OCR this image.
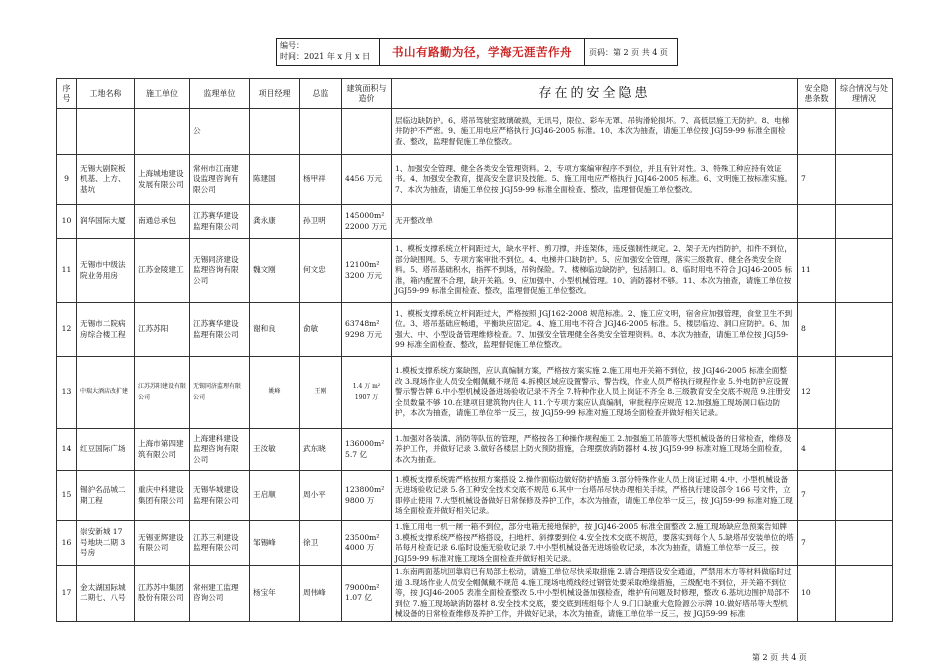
编号：
时间：2021 年 x 月 x 日	书山有路勤为径，学海无涯苦作舟	页码：第 2 页 共 4 页
序号	工地名称	施工单位	监理单位	项目经理	总监	建筑面积与造价	存在的安全隐患	安全隐患条数	综合情况与处理情况
			公				层临边缺防护。6、塔吊驾驶室玻璃破损，无讯号，限位、彩车无罩、吊钩滑轮损坏。7、高低层施工无防护。8、电梯井防护不严密。9、施工用电应严格执行 JGJ46-2005 标准。10、本次为抽查，请施工单位按 JGJ59-99 标准全面检查、整改，监理督促施工单位整改。		
9	无锡大剧院板机基、上方、基坑	上海城地建设发展有限公司	常州市江南建设监理咨询有限公司	陈建国	杨甲祥	4456 万元	1、加强安全管理、健全各类安全管理资料。2、专项方案编审程序不到位，并且有针对性。3、特殊工种应持有效证书。4、加强安全教育，提高安全意识及技能。5、施工用电应严格执行 JGJ46-2005 标准。6、文明施工按标准实施。7、本次为抽查，请施工单位按 JGJ59-99 标准全面检查、整改，监理督促施工单位整改。	7	
10	润华国际大厦	南通总承包	江苏赛华建设监理有限公司	龚永康	孙卫明	145000m²
22000 万元	无开整改单		
11	无锡市中级法院业务用房	江苏金陵建工	无锡同济建设监理咨询有限公司	魏文刚	何文忠	12100m²
3200 万元	1、模板支撑系统立杆间距过大，缺水平杆、剪刀撑，并连架体，违反强制性规定。2、架子无内挡防护，扣件不到位，部分缺围网。5、专项方案审批不到位。4、电梯井口缺防护。5、应加强安全管理，落实三级教育、健全各类安全资料。5、塔吊基础积水，指挥不到场，吊钩保险。7、楼梯临边缺防护，包括洞口。8、临时用电不符合 JGJ46-2005 标准，箱内配置不合理，缺开关箱。9、应加强中、小型机械管理。10、消防器材不够。11、本次为抽查，请施工单位按 JGJ59-99 标准全面检查、整改，监理督促施工单位整改。	11	
12	无锡市二院病房综合楼工程	江苏苏阳	江苏赛华建设监理有限公司	谢和良	俞敏	63748m²
9298 万元	1、模板支撑系统立杆间距过大，严格按照 JGJ162-2008 规范标准。2、施工应文明，宿舍应加强管理，食堂卫生不到位。3、塔吊基础应畅通，平衡块应固定。4、施工用电不符合 JGJ46-2005 标准。5、楼层临边、洞口应防护。6、加强大、中、小型设备管理维修检查。7、加强安全管理健全各类安全管理资料。8、本次为抽查，请施工单位按 JGJ59-99 标准全面检查、整改，监理督促施工单位整改。	8	
13	中瑞大酒店改扩建	江苏苏阳建设有限公司	无锡同济监理有限公司	姚峰	王刚	1.4 万 m²
1907 万	1.模板支撑系统方案缺图，应认真编制方案，严格按方案实施 2.施工用电开关箱不到位，按 JGJ46-2005 标准全面整改 3.现场作业人员安全帽佩戴不规范 4.拆模区域应设置警示、警告线，作业人员严格执行规程作业 5.外电防护应设置警示警告牌 6.中小型机械设备进场验收记录不齐全 7.特种作业人员上岗证不齐全 8.三级教育安全交底不规范 9.注册安全员数量不够 10.在建项目建筑物内住人 11.个专项方案应认真编制，审批程序应规范 12.加强施工现场洞口临边防护，本次为抽查，请施工单位举一反三，按 JGJ59-99 标准对施工现场全面检查并做好相关记录。	12	
14	红豆国际广场	上海市第四建筑有限公司	上海建科建设监理咨询有限公司	王汝敏	武东晓	136000m²
5.7 亿	1.加强对各装潢、消防等队伍的管理，严格按各工种操作规程施工 2.加强施工吊篮等大型机械设备的日常检查，维修及养护工作，并做好记录 3.做好各楼层上防火预防措施，合理摆放消防器材 4.按 JGJ59-99 标准对施工现场全面检查，本次为抽查。	4	
15	锡沪名品城二期工程	重庆中科建设集团有限公司	无锡华城建设监理有限公司	王启顺	周小平	123800m²
9800 万	1.模板支撑系统需严格按照方案搭设 2.操作面临边做好防护措施 3.部分特殊作业人员上岗证过期 4.中、小型机械设备无进场验收记录 5.各工种安全技术交底不规范 6.其中一台塔吊尽快办理相关手续，严格执行建设部令 166 号文件，立即停止使用 7.大型机械设备做好日常保修及养护工作，本次为抽查，请施工单位举一反三，按 JGJ59-99 标准对施工现场全面检查并做好相关记录。	7	
16	崇安新城 17 号地块二期 3 号房	无锡亚辉建设有限公司	江苏三利建设监理有限公司	邹锡峰	徐卫	23500m²
4000 万	1.施工用电一机一闸一箱不到位，部分电箱无接地保护，按 JGJ46-2005 标准全面整改 2.施工现场缺应急预案告知牌 3.模板支撑系统严格按严格搭设，扫地杆、斜撑要到位 4.安全技术交底不规范，要落实到每个人 5.缺塔吊安装单位的塔吊每月检查记录 6.临时设施无验收记录 7.中小型机械设备无进场验收记录，本次为抽查，请施工单位举一反三，按 JGJ59-99 标准对施工现场全面检查并做好相关记录。	7	
17	金太湖国际城二期七、八号	江苏苏中集团股份有限公司	常州建工监理咨询公司	杨宝年	周伟峰	79000m²
1.07 亿	1.东南两面基坑回靠肩已有局部土松动，请施工单位尽快采取措施 2.请合理搭设安全通道，严禁用木方等材料做临时过道 3.现场作业人员安全帽佩戴不规范 4.施工现场电缆线经过钢管处要采取绝缘措施，三级配电不到位，开关箱不到位等，按 JGJ46-2005 表准全面检查整改 5.中小型机械设备加强检查，维护有问题及时修理，整改 6.基坑边围护局部不到位 7.施工现场缺消防器材 8.安全技术交底，要交底到班组每个人 9.门口缺重大危险源公示牌 10.做好塔吊等大型机械设备的日常检查维修及养护工作，并做好记录，本次为抽查，请施工单位举一反三，按 JGJ59-99 标准	10	
第 2 页 共 4 页
